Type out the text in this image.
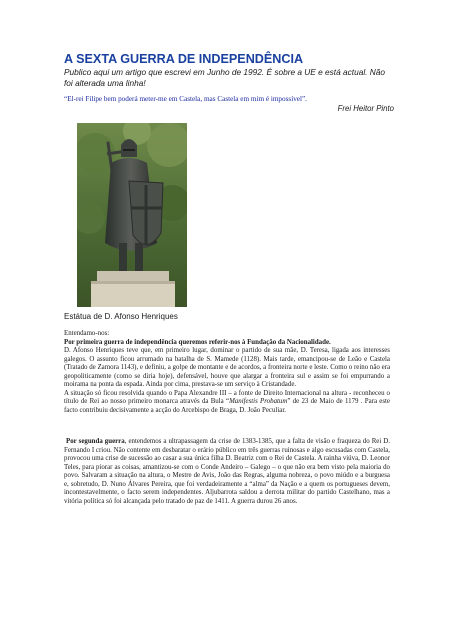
A SEXTA GUERRA DE INDEPENDÊNCIA
Publico aqui um artigo que escrevi em Junho de 1992. É sobre a UE e está actual. Não foi alterada uma linha!
“El-rei Filipe bem poderá meter-me em Castela, mas Castela em mim é impossível”.
Frei Heitor Pinto
Estátua de D. Afonso Henriques

Entendamo-nos:

Por primeira guerra de independência queremos referir-nos à Fundação da Nacionalidade.

D. Afonso Henriques teve que, em primeiro lugar, dominar o partido de sua mãe, D. Teresa, ligada aos interesses galegos. O assunto ficou arrumado na batalha de S. Mamede (1128). Mais tarde, emancipou-se de Leão e Castela (Tratado de Zamora 1143), e definiu, a golpe de montante e de acordos, a fronteira norte e leste. Como o reino não era geopoliticamente (como se diria hoje), defensável, houve que alargar a fronteira sul e assim se foi empurrando a moirama na ponta da espada. Ainda por cima, prestava-se um serviço à Cristandade.

A situação só ficou resolvida quando o Papa Alexandre III – a fonte de Direito Internacional na altura - reconheceu o título de Rei ao nosso primeiro monarca através da Bula “Manifestis Probatum” de 23 de Maio de 1179 . Para este facto contribuiu decisivamente a acção do Arcebispo de Braga, D. João Peculiar.

Por segunda guerra, entendemos a ultrapassagem da crise de 1383-1385, que a falta de visão e fraqueza do Rei D. Fernando I criou. Não contente em desbaratar o erário público em três guerras ruinosas e algo escusadas com Castela, provocou uma crise de sucessão ao casar a sua única filha D. Beatriz com o Rei de Castela. A rainha viúva, D. Leonor Teles, para piorar as coisas, amantizou-se com o Conde Andeiro – Galego – o que não era bem visto pela maioria do povo. Salvaram a situação na altura, o Mestre de Avis, João das Regras, alguma nobreza, o povo miúdo e a burguesa e, sobretudo, D. Nuno Álvares Pereira, que foi verdadeiramente a “alma” da Nação e a quem os portugueses devem, incontestavelmente, o facto serem independentes. Aljubarrota saldou a derrota militar do partido Castelhano, mas a vitória política só foi alcançada pelo tratado de paz de 1411. A guerra durou 26 anos.
